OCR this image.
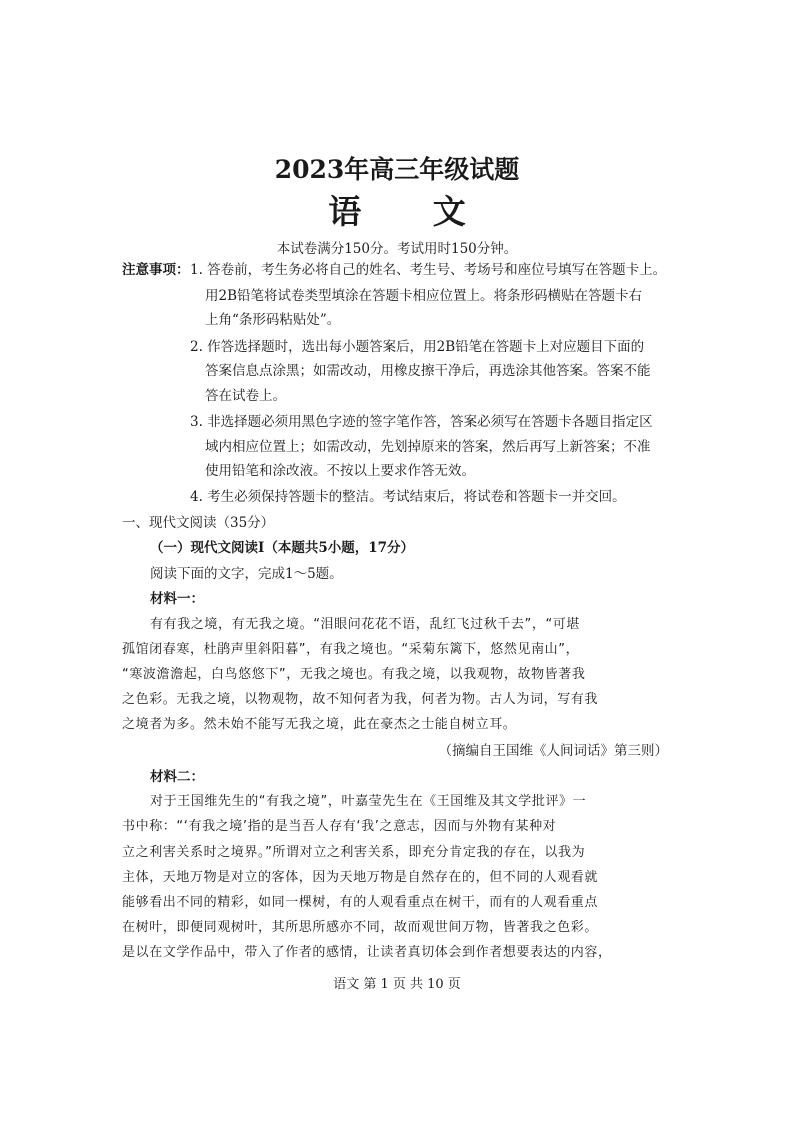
2023年高三年级试题
语 文
本试卷满分150分。考试用时150分钟。
注意事项： 1. 答卷前，考生务必将自己的姓名、考生号、考场号和座位号填写在答题卡上。
用2B铅笔将试卷类型填涂在答题卡相应位置上。将条形码横贴在答题卡右
上角“条形码粘贴处”。
2. 作答选择题时，选出每小题答案后，用2B铅笔在答题卡上对应题目下面的
答案信息点涂黑；如需改动，用橡皮擦干净后，再选涂其他答案。答案不能
答在试卷上。
3. 非选择题必须用黑色字迹的签字笔作答，答案必须写在答题卡各题目指定区
域内相应位置上；如需改动，先划掉原来的答案，然后再写上新答案；不准
使用铅笔和涂改液。不按以上要求作答无效。
4. 考生必须保持答题卡的整洁。考试结束后，将试卷和答题卡一并交回。
一、现代文阅读（35分）
（一）现代文阅读Ⅰ（本题共5小题，17分）
阅读下面的文字，完成1～5题。
材料一：
有有我之境，有无我之境。“泪眼问花花不语，乱红飞过秋千去”，“可堪
孤馆闭春寒，杜鹃声里斜阳暮”，有我之境也。“采菊东篱下，悠然见南山”，
“寒波澹澹起，白鸟悠悠下”，无我之境也。有我之境，以我观物，故物皆著我
之色彩。无我之境，以物观物，故不知何者为我，何者为物。古人为词，写有我
之境者为多。然未始不能写无我之境，此在豪杰之士能自树立耳。
（摘编自王国维《人间词话》第三则）
材料二：
对于王国维先生的“有我之境”，叶嘉莹先生在《王国维及其文学批评》一
书中称：“‘有我之境’指的是当吾人存有‘我’之意志，因而与外物有某种对
立之利害关系时之境界。”所谓对立之利害关系，即充分肯定我的存在，以我为
主体，天地万物是对立的客体，因为天地万物是自然存在的，但不同的人观看就
能够看出不同的精彩，如同一棵树，有的人观看重点在树干，而有的人观看重点
在树叶，即便同观树叶，其所思所感亦不同，故而观世间万物，皆著我之色彩。
是以在文学作品中，带入了作者的感情，让读者真切体会到作者想要表达的内容，
语文 第 1 页 共 10 页
